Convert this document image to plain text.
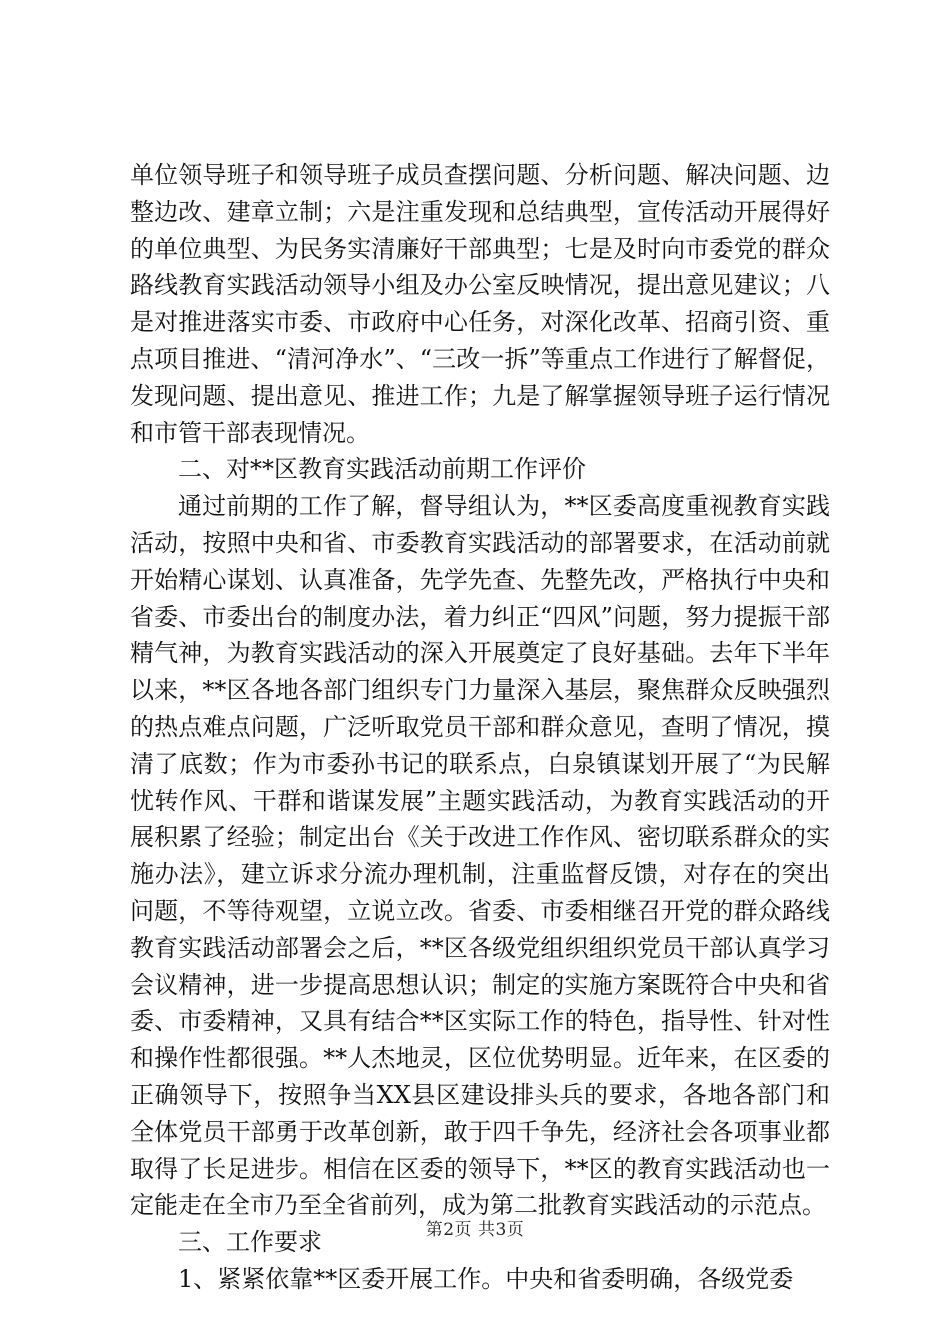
单位领导班子和领导班子成员查摆问题、分析问题、解决问题、边整边改、建章立制；六是注重发现和总结典型，宣传活动开展得好的单位典型、为民务实清廉好干部典型；七是及时向市委党的群众路线教育实践活动领导小组及办公室反映情况，提出意见建议；八是对推进落实市委、市政府中心任务，对深化改革、招商引资、重点项目推进、“清河净水”、“三改一拆”等重点工作进行了解督促，发现问题、提出意见、推进工作；九是了解掌握领导班子运行情况和市管干部表现情况。

二、对**区教育实践活动前期工作评价

通过前期的工作了解，督导组认为，**区委高度重视教育实践活动，按照中央和省、市委教育实践活动的部署要求，在活动前就开始精心谋划、认真准备，先学先查、先整先改，严格执行中央和省委、市委出台的制度办法，着力纠正“四风”问题，努力提振干部精气神，为教育实践活动的深入开展奠定了良好基础。去年下半年以来，**区各地各部门组织专门力量深入基层，聚焦群众反映强烈的热点难点问题，广泛听取党员干部和群众意见，查明了情况，摸清了底数；作为市委孙书记的联系点，白泉镇谋划开展了“为民解忧转作风、干群和谐谋发展”主题实践活动，为教育实践活动的开展积累了经验；制定出台《关于改进工作作风、密切联系群众的实施办法》，建立诉求分流办理机制，注重监督反馈，对存在的突出问题，不等待观望，立说立改。省委、市委相继召开党的群众路线教育实践活动部署会之后，**区各级党组织组织党员干部认真学习会议精神，进一步提高思想认识；制定的实施方案既符合中央和省委、市委精神，又具有结合**区实际工作的特色，指导性、针对性和操作性都很强。**人杰地灵，区位优势明显。近年来，在区委的正确领导下，按照争当XX县区建设排头兵的要求，各地各部门和全体党员干部勇于改革创新，敢于四千争先，经济社会各项事业都取得了长足进步。相信在区委的领导下，**区的教育实践活动也一定能走在全市乃至全省前列，成为第二批教育实践活动的示范点。

三、工作要求

1、紧紧依靠**区委开展工作。中央和省委明确，各级党委

第2页 共3页
